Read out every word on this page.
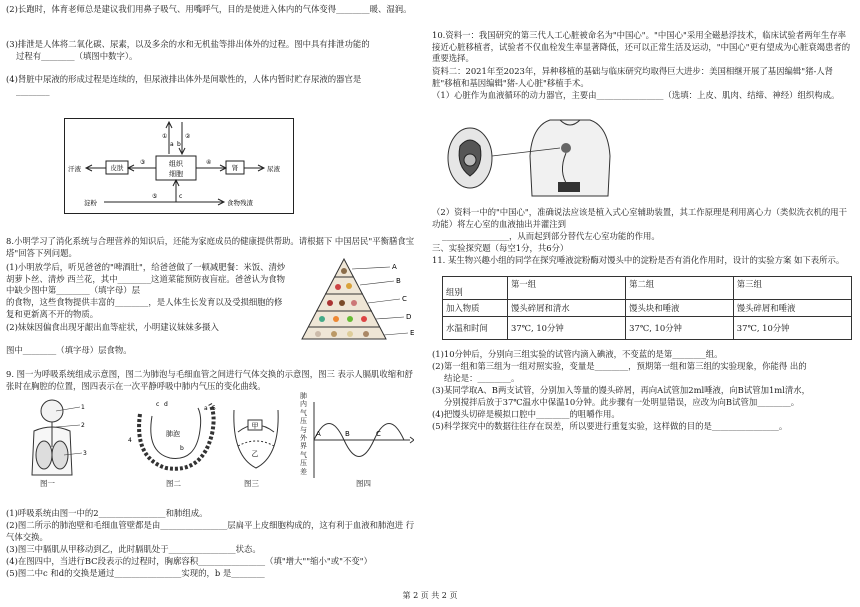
(2)长跑时，体育老师总是建议我们用鼻子吸气、用嘴呼气，目的是使进入体内的气体变得________暖、湿润。

(3)排泄是人体将二氧化碳、尿素，以及多余的水和无机盐等排出体外的过程。图中具有排泄功能的

过程有________（填图中数字）。

(4)肾脏中尿液的形成过程是连续的，但尿液排出体外是间歇性的，人体内暂时贮存尿液的器官是

________

组织
细胞
①	②
a b
皮肤
汗液
③
肾	尿液
④
淀粉	食物残渣
c
⑤

8.小明学习了消化系统与合理营养的知识后，还能为家庭成员的健康提供帮助。请根据下 中国居民"平衡膳食宝塔"回答下列问题。

(1)小明放学后，听见爸爸的"啤酒肚"，给爸爸做了一顿减肥餐：米饭、清炒胡萝卜丝、清炒 西兰花，其中________这道菜能预防夜盲症。爸爸认为食物中缺少图中第________（填字母）层

的食物，这些食物提供丰富的________，是人体生长发育以及受损细胞的修复和更新离不开的物质。

(2)妹妹因偏食出现牙龈出血等症状，小明建议妹妹多摄入

图中________（填字母）层食物。

A
B
C
D
E

9. 图一为呼吸系统组成示意图，图二为肺泡与毛细血管之间进行气体交换的示意图，图三 表示人膈肌收缩和舒张时在胸腔的位置，图四表示在一次平静呼吸中肺内气压的变化曲线。

1
2
3
图一
肺泡
4
c d
a 5
b
图二
甲
乙
图三
肺内气压与外界气压差
A	B	C
图四

(1)呼吸系统由图一中的2________________和肺组成。

(2)图二所示的肺泡壁和毛细血管壁都是由________________层扁平上皮细胞构成的，这有利于血液和肺泡进 行气体交换。

(3)图三中膈肌从甲移动到乙，此时膈肌处于________________状态。

(4)在图四中，当进行BC段表示的过程时，胸廓容积________________（填"增大""缩小"或"不变"）

(5)图二中c 和d的交换是通过________________实现的，b 是________

10.资料一：我国研究的第三代人工心脏被命名为"中国心"。"中国心"采用全磁悬浮技术，临床试验者两年生存率接近心脏移植者，试验者不仅血栓发生率显著降低，还可以正常生活及运动，"中国心"更有望成为心脏衰竭患者的重要选择。

资料二：2021年至2023年，异种移植的基础与临床研究均取得巨大进步：美国相继开展了基因编辑"猪-人肾脏"移植和基因编辑"猪-人心脏"移植手术。

（1）心脏作为血液循环的动力器官，主要由________________（选填：上皮、肌肉、结缔、神经）组织构成。

（2）资料一中的"中国心"，准确说法应该是植入式心室辅助装置，其工作原理是利用离心力（类似洗衣机的甩干功能）将左心室的血液抽出并灌注到

________________，从而起到部分替代左心室功能的作用。

三、实验探究题（每空1分，共6分）

11. 某生物兴趣小组的同学在探究唾液淀粉酶对馒头中的淀粉是否有消化作用时，设计的实验方案 如下表所示。

组别	第一组	第二组	第三组
加入物质	馒头碎屑和清水	馒头块和唾液	馒头碎屑和唾液
水温和时间	37℃, 10分钟	37℃, 10分钟	37℃, 10分钟

(1)10分钟后，分别向三组实验的试管内滴入碘液，不变蓝的是第________组。

(2)第一组和第三组为一组对照实验，变量是________，预期第一组和第三组的实验现象，你能得 出的

结论是：________。

(3)某同学取A、B两支试管，分别加入等量的馒头碎屑，再向A试管加2ml唾液，向B试管加1ml清水，

分别搅拌后放于37℃温水中保温10分钟。此步骤有一处明显错误，应改为向B试管加________。

(4)把馒头切碎是模拟口腔中________的咀嚼作用。

(5)科学探究中的数据往往存在误差，所以要进行重复实验，这样做的目的是________________。

第 2 页 共 2 页
